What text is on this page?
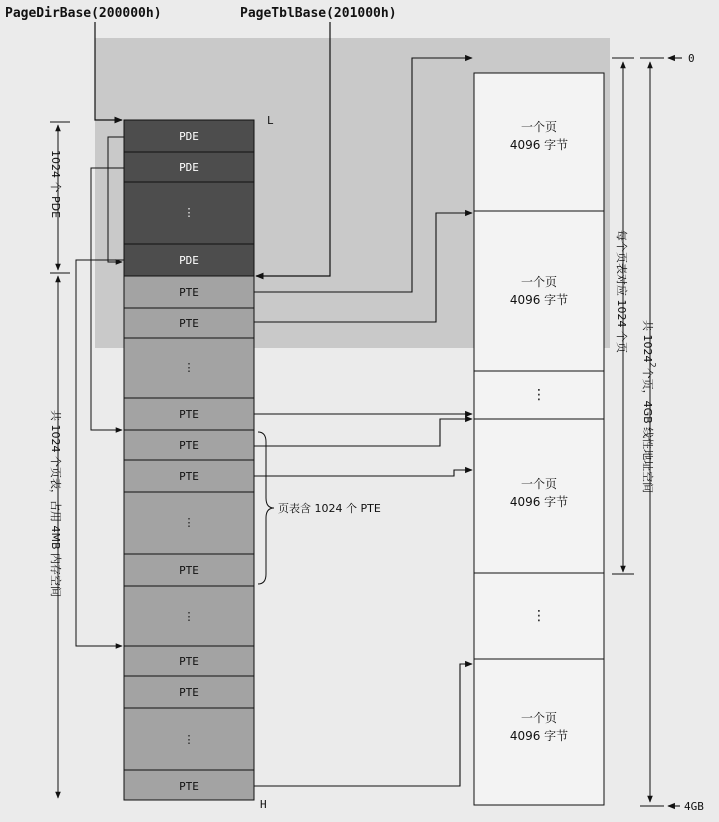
PageDirBase(200000h)	PageTblBase(201000h)
L
H
PDE
PDE
⋮
PDE
PTE
PTE
⋮
PTE
PTE
PTE
⋮
PTE
⋮
PTE
PTE
⋮
PTE
1024 个 PDE
共 1024 个页表，占用 4MB 内存空间	页表含 1024 个 PTE
一个页
4096 字节
一个页
4096 字节
⋮
一个页
4096 字节
⋮
一个页
4096 字节
每个页表对应 1024 个页 共 1024$^2$个页，4GB 线性地址空间
0
4GB
